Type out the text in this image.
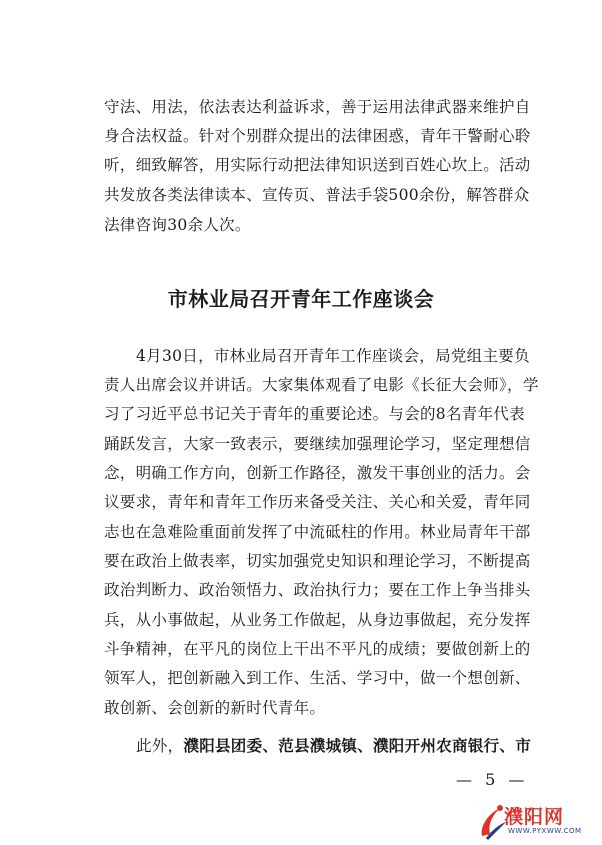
守法、用法，依法表达利益诉求，善于运用法律武器来维护自
身合法权益。针对个别群众提出的法律困惑，青年干警耐心聆
听，细致解答，用实际行动把法律知识送到百姓心坎上。活动
共发放各类法律读本、宣传页、普法手袋500余份，解答群众
法律咨询30余人次。
市林业局召开青年工作座谈会
4月30日，市林业局召开青年工作座谈会，局党组主要负
责人出席会议并讲话。大家集体观看了电影《长征大会师》，学
习了习近平总书记关于青年的重要论述。与会的8名青年代表
踊跃发言，大家一致表示，要继续加强理论学习，坚定理想信
念，明确工作方向，创新工作路径，激发干事创业的活力。会
议要求，青年和青年工作历来备受关注、关心和关爱，青年同
志也在急难险重面前发挥了中流砥柱的作用。林业局青年干部
要在政治上做表率，切实加强党史知识和理论学习，不断提高
政治判断力、政治领悟力、政治执行力；要在工作上争当排头
兵，从小事做起，从业务工作做起，从身边事做起，充分发挥
斗争精神，在平凡的岗位上干出不平凡的成绩；要做创新上的
领军人，把创新融入到工作、生活、学习中，做一个想创新、
敢创新、会创新的新时代青年。
此外，濮阳县团委、范县濮城镇、濮阳开州农商银行、市
— 5 —
濮阳网
WWW.PYXWW.COM
